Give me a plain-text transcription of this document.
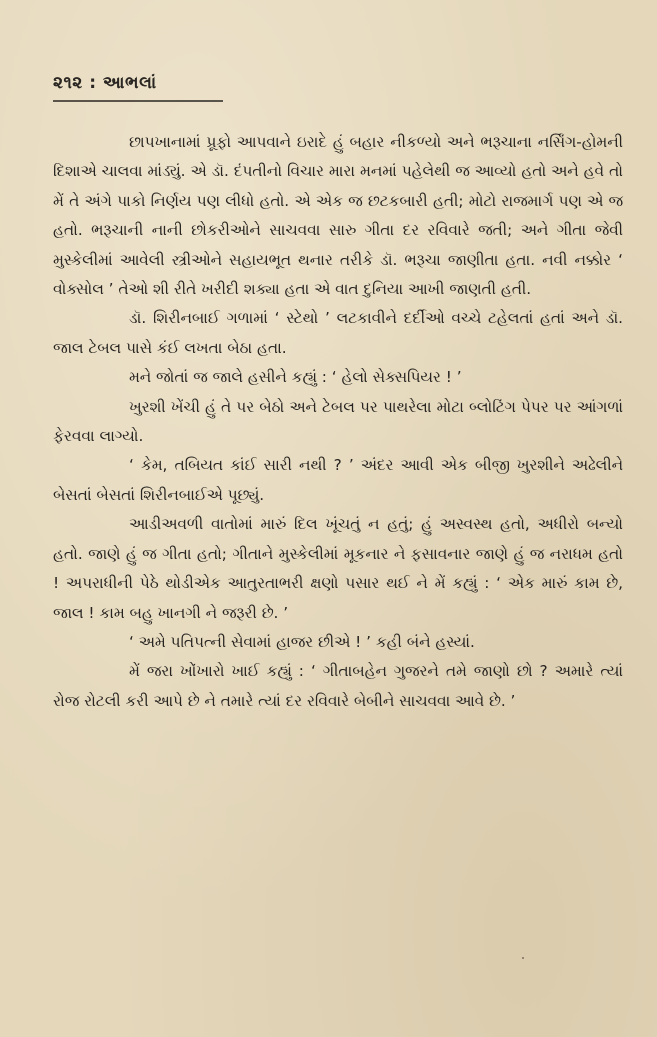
૨૧૨ : આભલાં

છાપખાનામાં પ્રૂફો આપવાને ઇરાદે હું બહાર નીકળ્યો અને ભરૂચાના નર્સિંગ-હોમની દિશાએ ચાલવા માંડ્યું. એ ડૉ. દંપતીનો વિચાર મારા મનમાં પહેલેથી જ આવ્યો હતો અને હવે તો મેં તે અંગે પાકો નિર્ણય પણ લીધો હતો. એ એક જ છટકબારી હતી; મોટો રાજમાર્ગ પણ એ જ હતો. ભરૂચાની નાની છોકરીઓને સાચવવા સારુ ગીતા દર રવિવારે જતી; અને ગીતા જેવી મુસ્કેલીમાં આવેલી સ્ત્રીઓને સહાયભૂત થનાર તરીકે ડૉ. ભરૂચા જાણીતા હતા. નવી નક્કોર ‘ વોક્સોલ ’ તેઓ શી રીતે ખરીદી શક્યા હતા એ વાત દુનિયા આખી જાણતી હતી.

ડૉ. શિરીનબાઈ ગળામાં ‘ સ્ટેથો ’ લટકાવીને દર્દીઓ વચ્ચે ટહેલતાં હતાં અને ડૉ. જાલ ટેબલ પાસે કંઈ લખતા બેઠા હતા.

મને જોતાં જ જાલે હસીને કહ્યું : ‘ હેલો સેક્સપિયર ! ’

ખુરશી ખેંચી હું તે પર બેઠો અને ટેબલ પર પાથરેલા મોટા બ્લોટિંગ પેપર પર આંગળાં ફેરવવા લાગ્યો.

‘ કેમ, તબિયત કાંઈ સારી નથી ? ’ અંદર આવી એક બીજી ખુરશીને અઢેલીને બેસતાં બેસતાં શિરીનબાઈએ પૂછ્યું.

આડીઅવળી વાતોમાં મારું દિલ ખૂંચતું ન હતું; હું અસ્વસ્થ હતો, અધીરો બન્યો હતો. જાણે હું જ ગીતા હતો; ગીતાને મુસ્કેલીમાં મૂકનાર ને ફસાવનાર જાણે હું જ નરાધમ હતો ! અપરાધીની પેઠે થોડીએક આતુરતાભરી ક્ષણો પસાર થઈ ને મેં કહ્યું : ‘ એક મારું કામ છે, જાલ ! કામ બહુ ખાનગી ને જરૂરી છે. ’

‘ અમે પતિપત્ની સેવામાં હાજર છીએ ! ’ કહી બંને હસ્યાં.

મેં જરા ખોંખારો ખાઈ કહ્યું : ‘ ગીતાબહેન ગુજરને તમે જાણો છો ? અમારે ત્યાં રોજ રોટલી કરી આપે છે ને તમારે ત્યાં દર રવિવારે બેબીને સાચવવા આવે છે. ’
